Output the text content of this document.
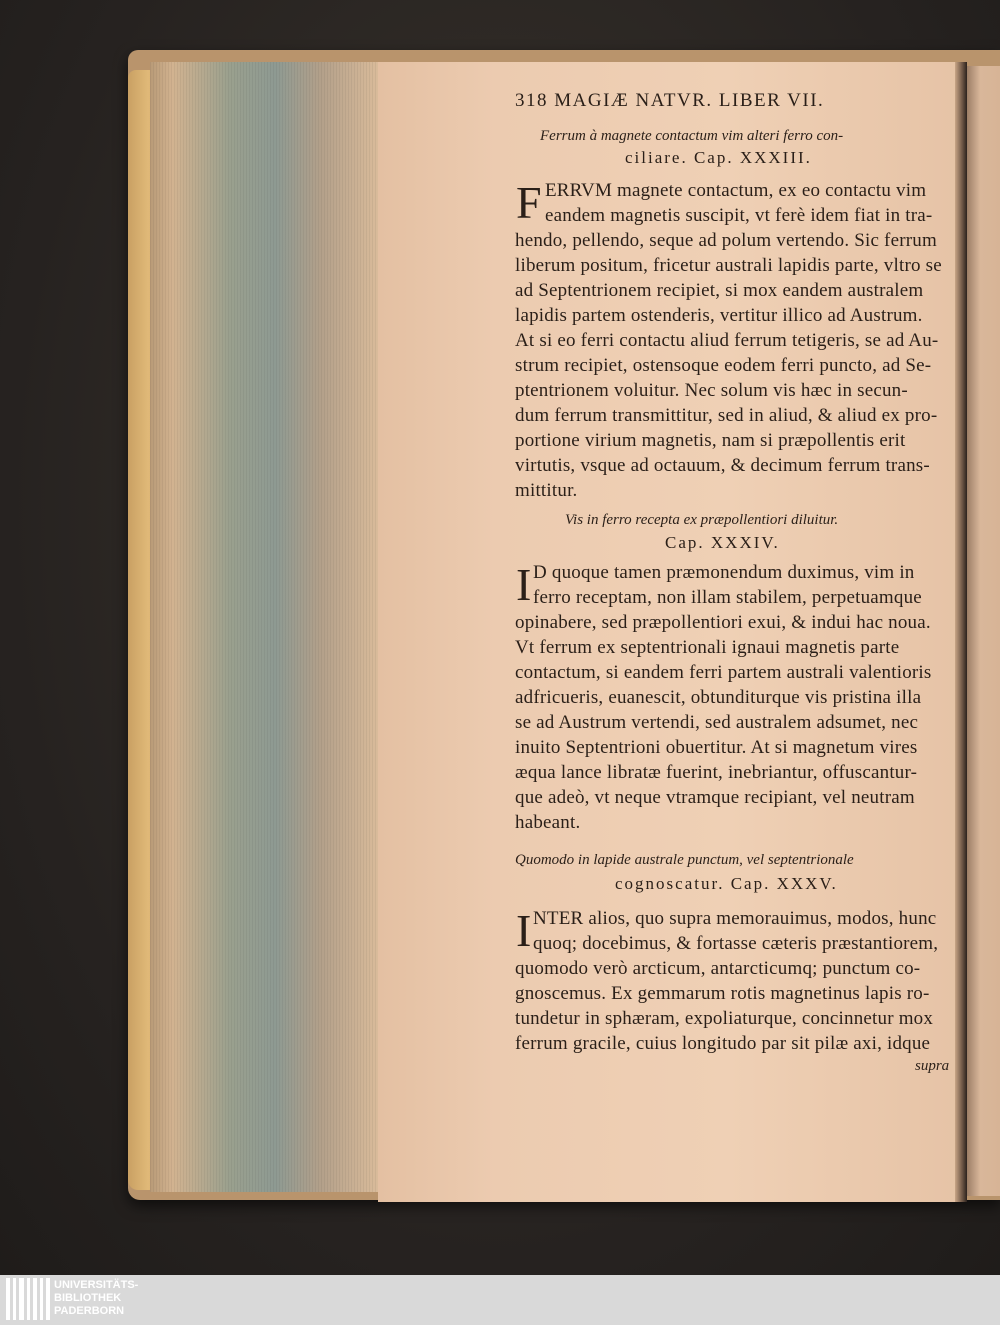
318 MAGIÆ NATVR. LIBER VII.
Ferrum à magnete contactum vim alteri ferro con-
ciliare. Cap. XXXIII.
F ERRVM magnete contactum, ex eo contactu vim
eandem magnetis suscipit, vt ferè idem fiat in tra-
hendo, pellendo, seque ad polum vertendo. Sic ferrum
liberum positum, fricetur australi lapidis parte, vltro se
ad Septentrionem recipiet, si mox eandem australem
lapidis partem ostenderis, vertitur illico ad Austrum.
At si eo ferri contactu aliud ferrum tetigeris, se ad Au-
strum recipiet, ostensoque eodem ferri puncto, ad Se-
ptentrionem voluitur. Nec solum vis hæc in secun-
dum ferrum transmittitur, sed in aliud, & aliud ex pro-
portione virium magnetis, nam si præpollentis erit
virtutis, vsque ad octauum, & decimum ferrum trans-
mittitur.
Vis in ferro recepta ex præpollentiori diluitur.
Cap. XXXIV.
I D quoque tamen præmonendum duximus, vim in
ferro receptam, non illam stabilem, perpetuamque
opinabere, sed præpollentiori exui, & indui hac noua.
Vt ferrum ex septentrionali ignaui magnetis parte
contactum, si eandem ferri partem australi valentioris
adfricueris, euanescit, obtunditurque vis pristina illa
se ad Austrum vertendi, sed australem adsumet, nec
inuito Septentrioni obuertitur. At si magnetum vires
æqua lance libratæ fuerint, inebriantur, offuscantur-
que adeò, vt neque vtramque recipiant, vel neutram
habeant.
Quomodo in lapide australe punctum, vel septentrionale
cognoscatur. Cap. XXXV.
I NTER alios, quo supra memorauimus, modos, hunc
quoq; docebimus, & fortasse cæteris præstantiorem,
quomodo verò arcticum, antarcticumq; punctum co-
gnoscemus. Ex gemmarum rotis magnetinus lapis ro-
tundetur in sphæram, expoliaturque, concinnetur mox
ferrum gracile, cuius longitudo par sit pilæ axi, idque
supra
UNIVERSITÄTS-
BIBLIOTHEK
PADERBORN
